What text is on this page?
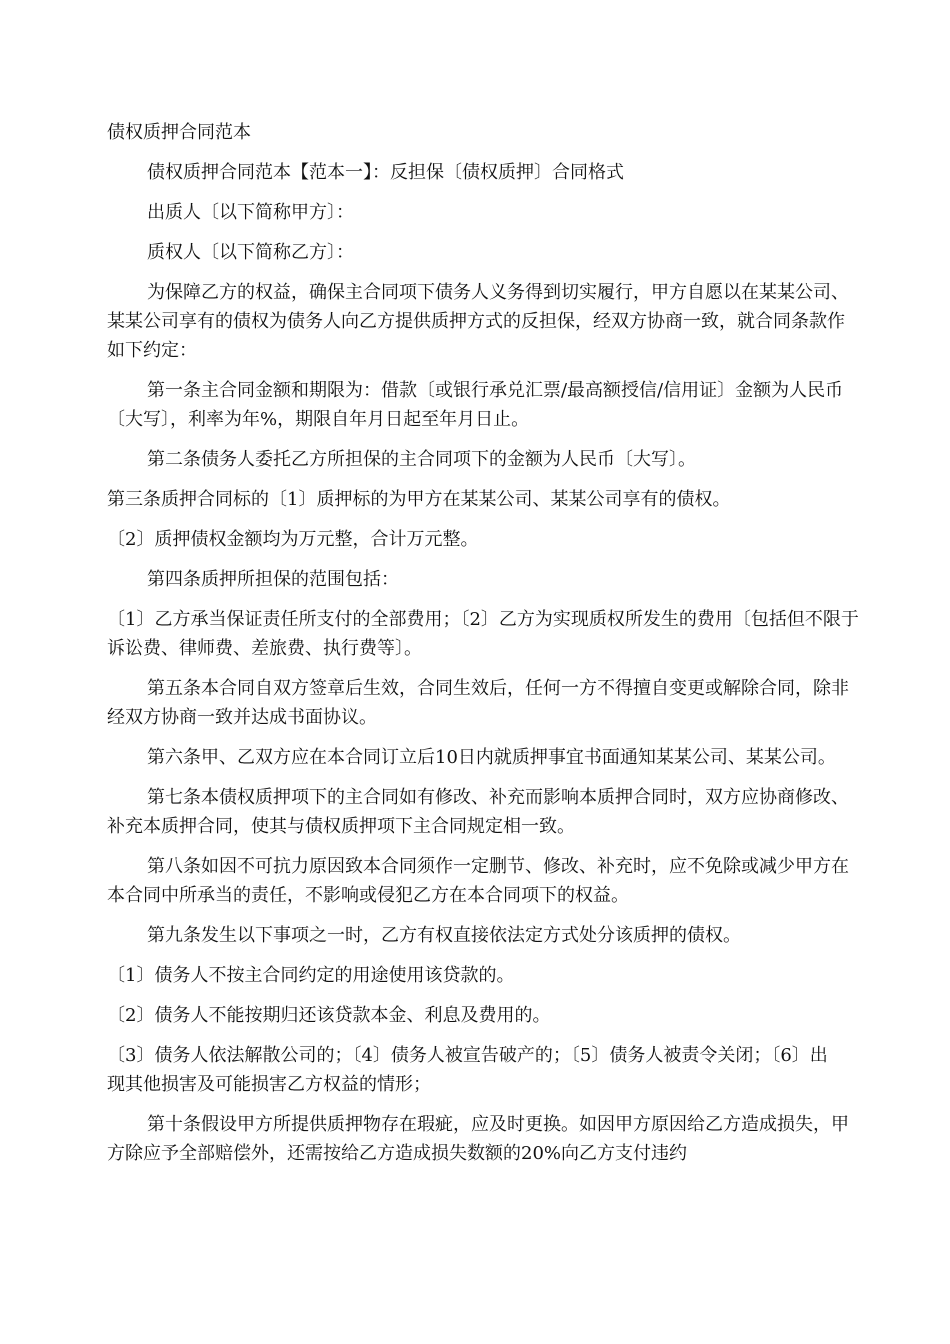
债权质押合同范本

债权质押合同范本【范本一】：反担保〔债权质押〕合同格式

出质人〔以下简称甲方〕：

质权人〔以下简称乙方〕：

为保障乙方的权益，确保主合同项下债务人义务得到切实履行，甲方自愿以在某某公司、某某公司享有的债权为债务人向乙方提供质押方式的反担保，经双方协商一致，就合同条款作如下约定：

第一条主合同金额和期限为：借款〔或银行承兑汇票/最高额授信/信用证〕金额为人民币〔大写〕，利率为年%，期限自年月日起至年月日止。

第二条债务人委托乙方所担保的主合同项下的金额为人民币〔大写〕。

第三条质押合同标的〔1〕质押标的为甲方在某某公司、某某公司享有的债权。

〔2〕质押债权金额均为万元整，合计万元整。

第四条质押所担保的范围包括：

〔1〕乙方承当保证责任所支付的全部费用；〔2〕乙方为实现质权所发生的费用〔包括但不限于诉讼费、律师费、差旅费、执行费等〕。

第五条本合同自双方签章后生效，合同生效后，任何一方不得擅自变更或解除合同，除非经双方协商一致并达成书面协议。

第六条甲、乙双方应在本合同订立后10日内就质押事宜书面通知某某公司、某某公司。

第七条本债权质押项下的主合同如有修改、补充而影响本质押合同时，双方应协商修改、补充本质押合同，使其与债权质押项下主合同规定相一致。

第八条如因不可抗力原因致本合同须作一定删节、修改、补充时，应不免除或减少甲方在本合同中所承当的责任，不影响或侵犯乙方在本合同项下的权益。

第九条发生以下事项之一时，乙方有权直接依法定方式处分该质押的债权。

〔1〕债务人不按主合同约定的用途使用该贷款的。

〔2〕债务人不能按期归还该贷款本金、利息及费用的。

〔3〕债务人依法解散公司的；〔4〕债务人被宣告破产的；〔5〕债务人被责令关闭；〔6〕出现其他损害及可能损害乙方权益的情形；

第十条假设甲方所提供质押物存在瑕疵，应及时更换。如因甲方原因给乙方造成损失，甲方除应予全部赔偿外，还需按给乙方造成损失数额的20%向乙方支付违约
